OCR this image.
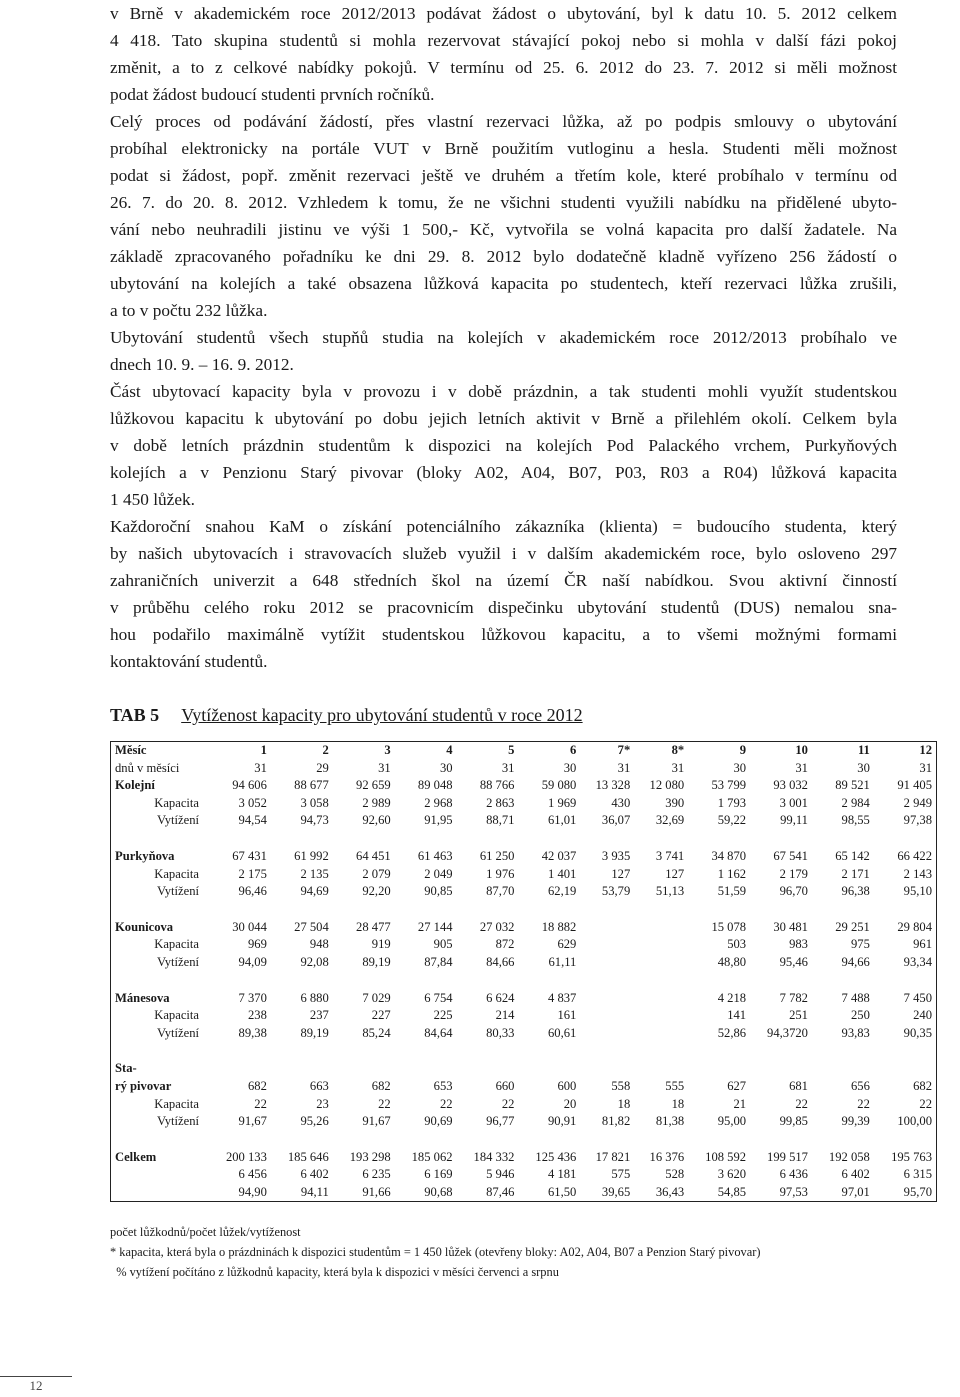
v Brně v akademickém roce 2012/2013 podávat žádost o ubytování, byl k datu 10. 5. 2012 celkem
4 418. Tato skupina studentů si mohla rezervovat stávající pokoj nebo si mohla v další fázi pokoj
změnit, a to z celkové nabídky pokojů. V termínu od 25. 6. 2012 do 23. 7. 2012 si měli možnost
podat žádost budoucí studenti prvních ročníků.
Celý proces od podávání žádostí, přes vlastní rezervaci lůžka, až po podpis smlouvy o ubytování
probíhal elektronicky na portále VUT v Brně použitím vutloginu a hesla. Studenti měli možnost
podat si žádost, popř. změnit rezervaci ještě ve druhém a třetím kole, které probíhalo v termínu od
26. 7. do 20. 8. 2012. Vzhledem k tomu, že ne všichni studenti využili nabídku na přidělené ubyto-
vání nebo neuhradili jistinu ve výši 1 500,- Kč, vytvořila se volná kapacita pro další žadatele. Na
základě zpracovaného pořadníku ke dni 29. 8. 2012 bylo dodatečně kladně vyřízeno 256 žádostí o
ubytování na kolejích a také obsazena lůžková kapacita po studentech, kteří rezervaci lůžka zrušili,
a to v počtu 232 lůžka.
Ubytování studentů všech stupňů studia na kolejích v akademickém roce 2012/2013 probíhalo ve
dnech 10. 9. – 16. 9. 2012.
Část ubytovací kapacity byla v provozu i v době prázdnin, a tak studenti mohli využít studentskou
lůžkovou kapacitu k ubytování po dobu jejich letních aktivit v Brně a přilehlém okolí. Celkem byla
v době letních prázdnin studentům k dispozici na kolejích Pod Palackého vrchem, Purkyňových
kolejích a v Penzionu Starý pivovar (bloky A02, A04, B07, P03, R03 a R04) lůžková kapacita
1 450 lůžek.
Každoroční snahou KaM o získání potenciálního zákazníka (klienta) = budoucího studenta, který
by našich ubytovacích i stravovacích služeb využil i v dalším akademickém roce, bylo osloveno 297
zahraničních univerzit a 648 středních škol na území ČR naší nabídkou. Svou aktivní činností
v průběhu celého roku 2012 se pracovnicím dispečinku ubytování studentů (DUS) nemalou sna-
hou podařilo maximálně vytížit studentskou lůžkovou kapacitu, a to všemi možnými formami
kontaktování studentů.
TAB 5 Vytíženost kapacity pro ubytování studentů v roce 2012
Měsíc	1	2	3	4	5	6	7*	8*	9	10	11	12
dnů v měsíci	31	29	31	30	31	30	31	31	30	31	30	31
Kolejní	94 606	88 677	92 659	89 048	88 766	59 080	13 328	12 080	53 799	93 032	89 521	91 405
Kapacita	3 052	3 058	2 989	2 968	2 863	1 969	430	390	1 793	3 001	2 984	2 949
Vytížení	94,54	94,73	92,60	91,95	88,71	61,01	36,07	32,69	59,22	99,11	98,55	97,38

Purkyňova	67 431	61 992	64 451	61 463	61 250	42 037	3 935	3 741	34 870	67 541	65 142	66 422
Kapacita	2 175	2 135	2 079	2 049	1 976	1 401	127	127	1 162	2 179	2 171	2 143
Vytížení	96,46	94,69	92,20	90,85	87,70	62,19	53,79	51,13	51,59	96,70	96,38	95,10

Kounicova	30 044	27 504	28 477	27 144	27 032	18 882			15 078	30 481	29 251	29 804
Kapacita	969	948	919	905	872	629			503	983	975	961
Vytížení	94,09	92,08	89,19	87,84	84,66	61,11			48,80	95,46	94,66	93,34

Mánesova	7 370	6 880	7 029	6 754	6 624	4 837			4 218	7 782	7 488	7 450
Kapacita	238	237	227	225	214	161			141	251	250	240
Vytížení	89,38	89,19	85,24	84,64	80,33	60,61			52,86	94,3720	93,83	90,35

Sta-												
rý pivovar	682	663	682	653	660	600	558	555	627	681	656	682
Kapacita	22	23	22	22	22	20	18	18	21	22	22	22
Vytížení	91,67	95,26	91,67	90,69	96,77	90,91	81,82	81,38	95,00	99,85	99,39	100,00

Celkem	200 133	185 646	193 298	185 062	184 332	125 436	17 821	16 376	108 592	199 517	192 058	195 763
	6 456	6 402	6 235	6 169	5 946	4 181	575	528	3 620	6 436	6 402	6 315
	94,90	94,11	91,66	90,68	87,46	61,50	39,65	36,43	54,85	97,53	97,01	95,70
počet lůžkodnů/počet lůžek/vytíženost
* kapacita, která byla o prázdninách k dispozici studentům = 1 450 lůžek (otevřeny bloky: A02, A04, B07 a Penzion Starý pivovar)
% vytížení počítáno z lůžkodnů kapacity, která byla k dispozici v měsíci červenci a srpnu
12
